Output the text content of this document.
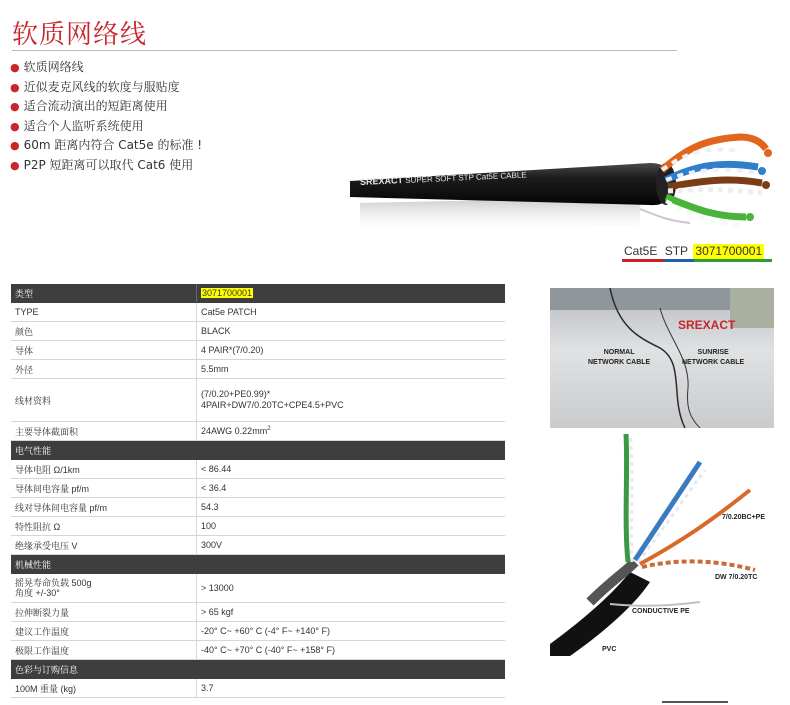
软质网络线
● 软质网络线
● 近似麦克风线的软度与服贴度
● 适合流动演出的短距离使用
● 适合个人监听系统使用
● 60m 距离内符合 Cat5e 的标准 !
● P2P 短距离可以取代 Cat6 使用
SREXACT SUPER SOFT STP Cat5E CABLE
Cat5E STP 3071700001
类型	3071700001
TYPE	Cat5e PATCH
颜色	BLACK
导体	4 PAIR*(7/0.20)
外径	5.5mm
线材资料	(7/0.20+PE0.99)*
4PAIR+DW7/0.20TC+CPE4.5+PVC

主要导体截面积	24AWG $0.22mm^2$
电气性能	
导体电阻 Ω/1km	< 86.44
导体间电容量 pf/m	< 36.4
线对导体间电容量 pf/m	54.3
特性阻抗 Ω	100
绝缘承受电压 V	300V
机械性能	

摇晃寿命负载 500g
角度 +/-30°	> 13000
拉伸断裂力量	> 65 kgf
建议工作温度	-20° C~ +60° C (-4° F~ +140° F)
极限工作温度	-40° C~ +70° C (-40° F~ +158° F)
色彩与订购信息	
100M 重量 (kg)	3.7
SREXACT
NORMAL
NETWORK CABLE
SUNRISE
NETWORK CABLE
7/0.20BC+PE
DW 7/0.20TC
CONDUCTIVE PE
PVC
